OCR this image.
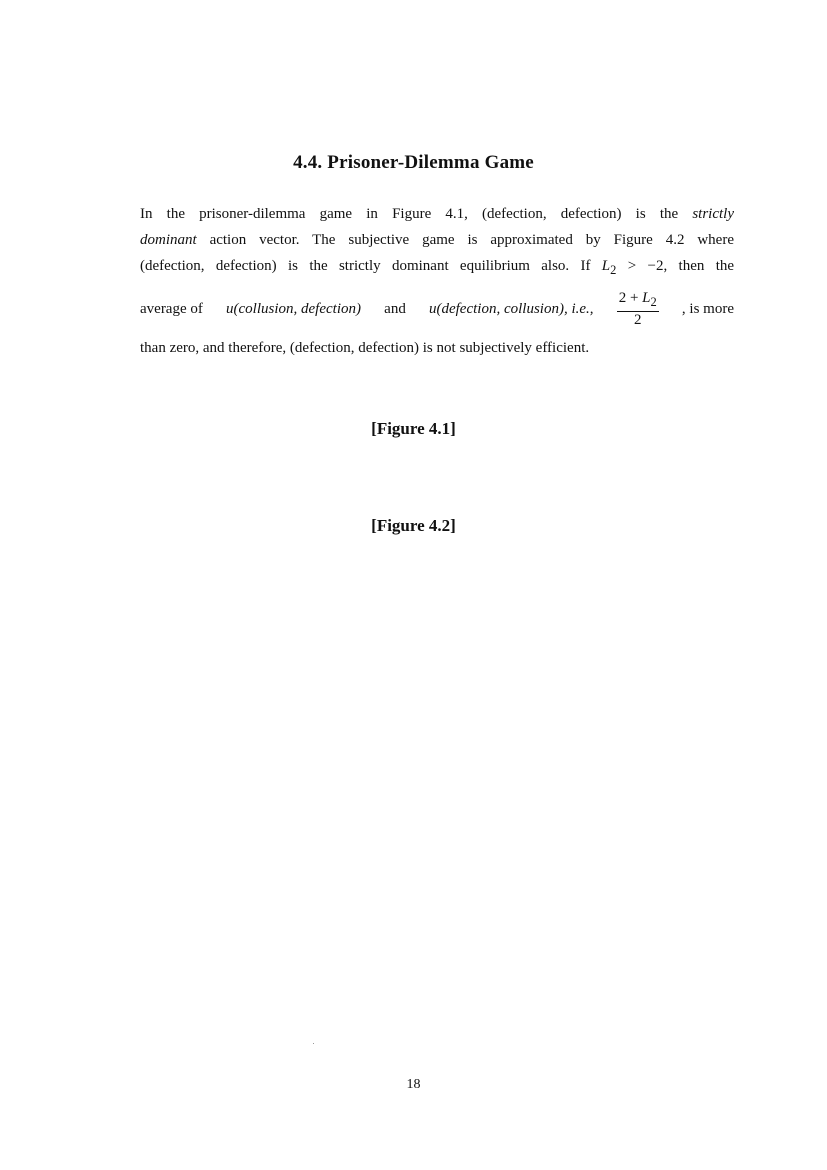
4.4. Prisoner-Dilemma Game
In the prisoner-dilemma game in Figure 4.1, (defection, defection) is the strictly
dominant action vector. The subjective game is approximated by Figure 4.2 where
(defection, defection) is the strictly dominant equilibrium also. If $L_2 > -2$, then the
average of u(collusion, defection) and u(defection, collusion), i.e., $\frac{2 + L_2}{2}$ , is more
than zero, and therefore, (defection, defection) is not subjectively efficient.
[Figure 4.1]
[Figure 4.2]
18
